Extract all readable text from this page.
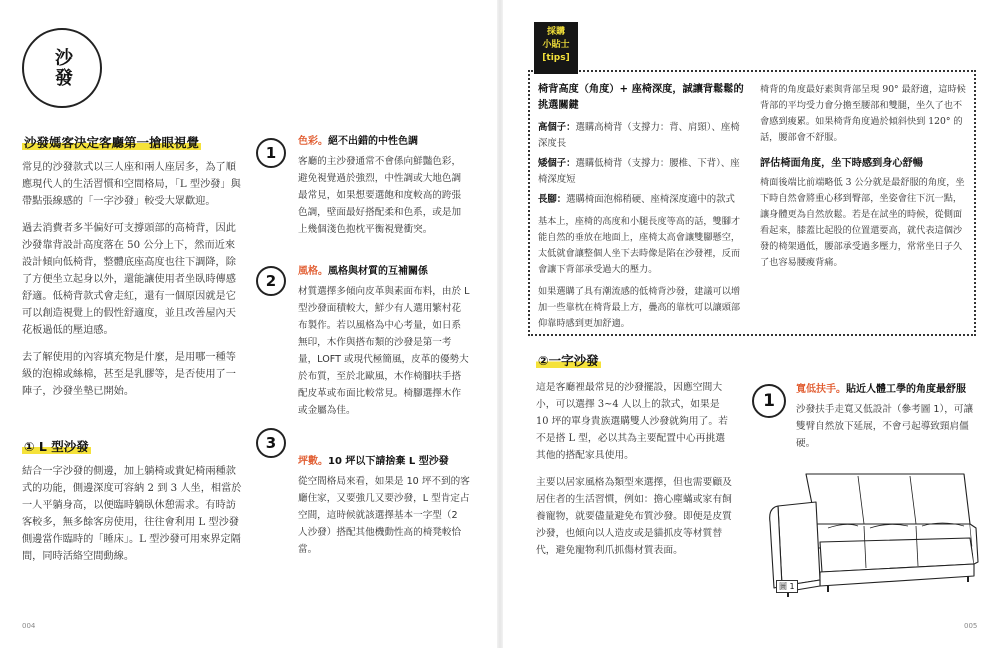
沙發
沙發媽客決定客廳第一搶眼視覺
常見的沙發款式以三人座和兩人座居多，為了順應現代人的生活習慣和空間格局，「L 型沙發」與帶點張線感的「一字沙發」較受大眾歡迎。
過去消費者多半偏好可支撐頭部的高椅背，因此沙發靠背設計高度落在 50 公分上下，然而近來設計傾向低椅背，整體底座高度也往下調降，除了方便坐立起身以外，還能讓使用者坐臥時傳感舒適。低椅背款式會走紅，還有一個原因就是它可以創造視覺上的假性舒適度，並且改善屋內天花板過低的壓迫感。
去了解使用的內容填充物是什麼，是用哪一種等級的泡棉或絲棉，甚至是乳膠等，是否使用了一陣子，沙發坐墊已開始。
① L 型沙發
結合一字沙發的側邊，加上躺椅或貴妃椅兩種款式的功能，側邊深度可容納 2 到 3 人坐，相當於一人平躺身高，以便臨時躺臥休憩需求。有時訪客較多，無多餘客房使用，往往會利用 L 型沙發側邊當作臨時的「睡床」。L 型沙發可用來界定隔間，同時活絡空間動線。
1
色彩。絕不出錯的中性色調
客廳的主沙發通常不會係向鮮豔色彩，避免視覺過於強烈，中性調或大地色調最常見，如果想要選飽和度較高的跨張色調，壁面最好搭配柔和色系，或是加上幾個淺色抱枕平衡視覺衝突。
2
風格。風格與材質的互補關係
材質選擇多傾向皮革與素面布料，由於 L 型沙發面積較大，鮮少有人選用繁村花布製作。若以風格為中心考量，如日系無印，木作與搭布類的沙發是第一考量，LOFT 或現代極簡風，皮革的優勢大於布質，至於北歐風，木作椅腳扶手搭配皮革或布面比較常見。椅腳選擇木作或金屬為佳。
3
坪數。10 坪以下請捨棄 L 型沙發
從空間格局來看，如果是 10 坪不到的客廳住家，又要強几又要沙發，L 型肯定占空間，這時候就該選擇基本一字型（2 人沙發）搭配其他機動性高的椅凳較恰當。
004
採購
小貼士
[tips]
椅背高度（角度）+ 座椅深度，誠讓背鬆鬆的挑選關鍵
高個子：選購高椅背（支撐力：背、肩頸）、座椅深度長
矮個子：選購低椅背（支撐力：腰椎、下背）、座椅深度短
長腳：選購椅面泡棉稍硬、座椅深度適中的款式
基本上，座椅的高度和小腿長度等高的話，雙腳才能自然的垂放在地面上，座椅太高會讓雙腳懸空，太低就會讓整個人坐下去時像是陷在沙發裡，反而會讓下背部承受過大的壓力。
如果選購了具有潮流感的低椅背沙發，建議可以增加一些靠枕在椅背最上方，疊高的靠枕可以讓頭部仰靠時感到更加舒適。
椅背的角度最好素與背部呈現 90° 最舒適，這時候背部的平均受力會分擔至腰部和雙腿，坐久了也不會感到痠累。如果椅背角度過於傾斜快到 120° 的話，腰部會不舒服。
評估椅面角度，坐下時感到身心舒暢
椅面後端比前端略低 3 公分就是最舒服的角度，坐下時自然會將重心移到臀部，坐姿會往下沉一點，讓身體更為自然放鬆。若是在試坐的時候，從側面看起來，膝蓋比起股的位置還要高，就代表這個沙發的椅架過低，腰部承受過多壓力，常常坐日子久了也容易腰痠背痛。
②一字沙發
這是客廳裡最常見的沙發擺設，因應空間大小，可以選擇 3~4 人以上的款式，如果是 10 坪的單身貴族選購雙人沙發就夠用了。若不是搭 L 型，必以其為主要配置中心再挑選其他的搭配家具使用。
主要以居家風格為類型來選擇，但也需要顧及居住者的生活習慣，例如：擔心塵蟎或家有飼養寵物，就要儘量避免布質沙發。即便是皮質沙發，也傾向以人造皮或是貓抓皮等材質替代，避免寵物利爪抓傷材質表面。
1
寬低扶手。貼近人體工學的角度最舒服
沙發扶手走寬又低設計（參考圖 1），可讓雙臂自然放下延展，不會弓起導致頸肩僵硬。
圖 1
005
